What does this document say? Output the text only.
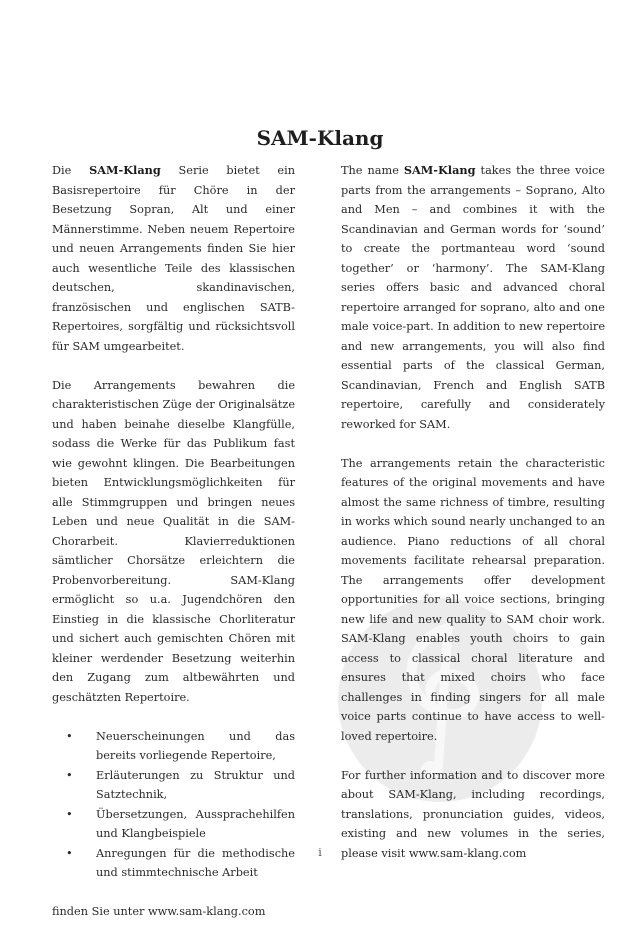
SAM-Klang

Die SAM-Klang Serie bietet ein Basisrepertoire für Chöre in der Besetzung Sopran, Alt und einer Männerstimme. Neben neuem Repertoire und neuen Arrangements finden Sie hier auch wesentliche Teile des klassischen deutschen, skandinavischen, französischen und englischen SATB-Repertoires, sorgfältig und rücksichtsvoll für SAM umgearbeitet.

Die Arrangements bewahren die charakteristischen Züge der Originalsätze und haben beinahe dieselbe Klangfülle, sodass die Werke für das Publikum fast wie gewohnt klingen. Die Bearbeitungen bieten Entwicklungsmöglichkeiten für alle Stimmgruppen und bringen neues Leben und neue Qualität in die SAM-Chorarbeit. Klavierreduktionen sämtlicher Chorsätze erleichtern die Probenvorbereitung. SAM-Klang ermöglicht so u.a. Jugendchören den Einstieg in die klassische Chorliteratur und sichert auch gemischten Chören mit kleiner werdender Besetzung weiterhin den Zugang zum altbewährten und geschätzten Repertoire.

• Neuerscheinungen und das bereits vorliegende Repertoire,
• Erläuterungen zu Struktur und Satztechnik,
• Übersetzungen, Aussprachehilfen und Klangbeispiele
• Anregungen für die methodische und stimmtechnische Arbeit

finden Sie unter www.sam-klang.com

The name SAM-Klang takes the three voice parts from the arrangements – Soprano, Alto and Men – and combines it with the Scandinavian and German words for ‘sound’ to create the portmanteau word ‘sound together’ or ‘harmony’. The SAM-Klang series offers basic and advanced choral repertoire arranged for soprano, alto and one male voice-part. In addition to new repertoire and new arrangements, you will also find essential parts of the classical German, Scandinavian, French and English SATB repertoire, carefully and considerately reworked for SAM.

The arrangements retain the characteristic features of the original movements and have almost the same richness of timbre, resulting in works which sound nearly unchanged to an audience. Piano reductions of all choral movements facilitate rehearsal preparation. The arrangements offer development opportunities for all voice sections, bringing new life and new quality to SAM choir work. SAM-Klang enables youth choirs to gain access to classical choral literature and ensures that mixed choirs who face challenges in finding singers for all male voice parts continue to have access to well-loved repertoire.

For further information and to discover more about SAM-Klang, including recordings, translations, pronunciation guides, videos, existing and new volumes in the series, please visit www.sam-klang.com

i
